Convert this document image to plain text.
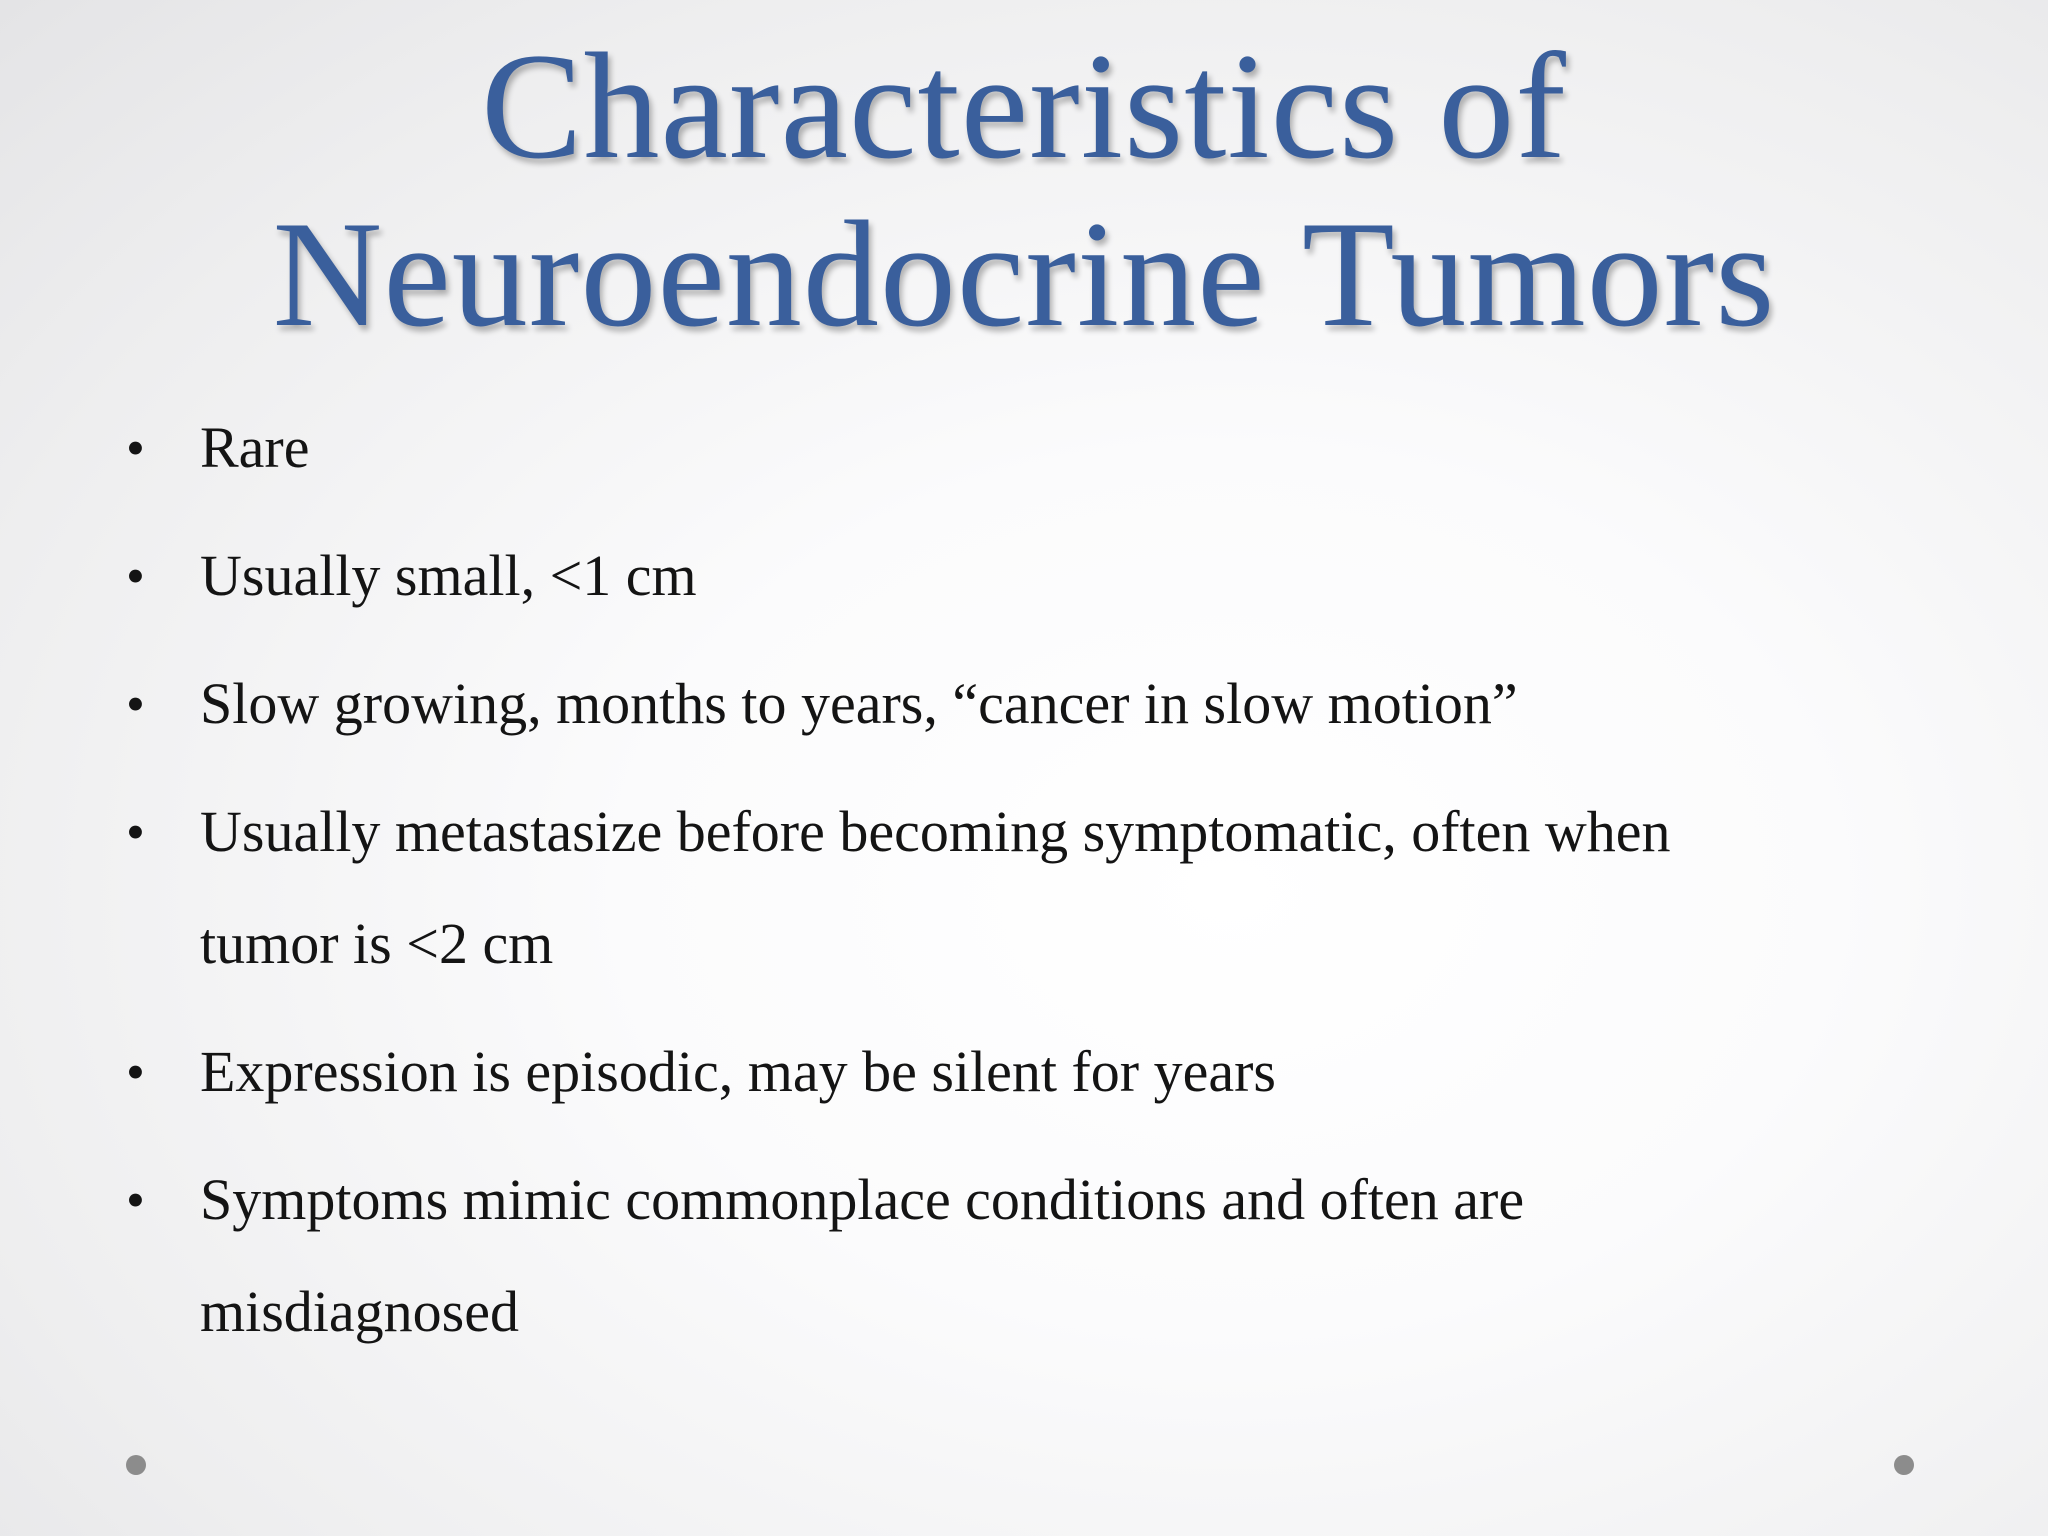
Characteristics of
Neuroendocrine Tumors
• Rare
• Usually small, <1 cm
• Slow growing, months to years, “cancer in slow motion”
• Usually metastasize before becoming symptomatic, often when tumor is <2 cm
• Expression is episodic, may be silent for years
• Symptoms mimic commonplace conditions and often are misdiagnosed
